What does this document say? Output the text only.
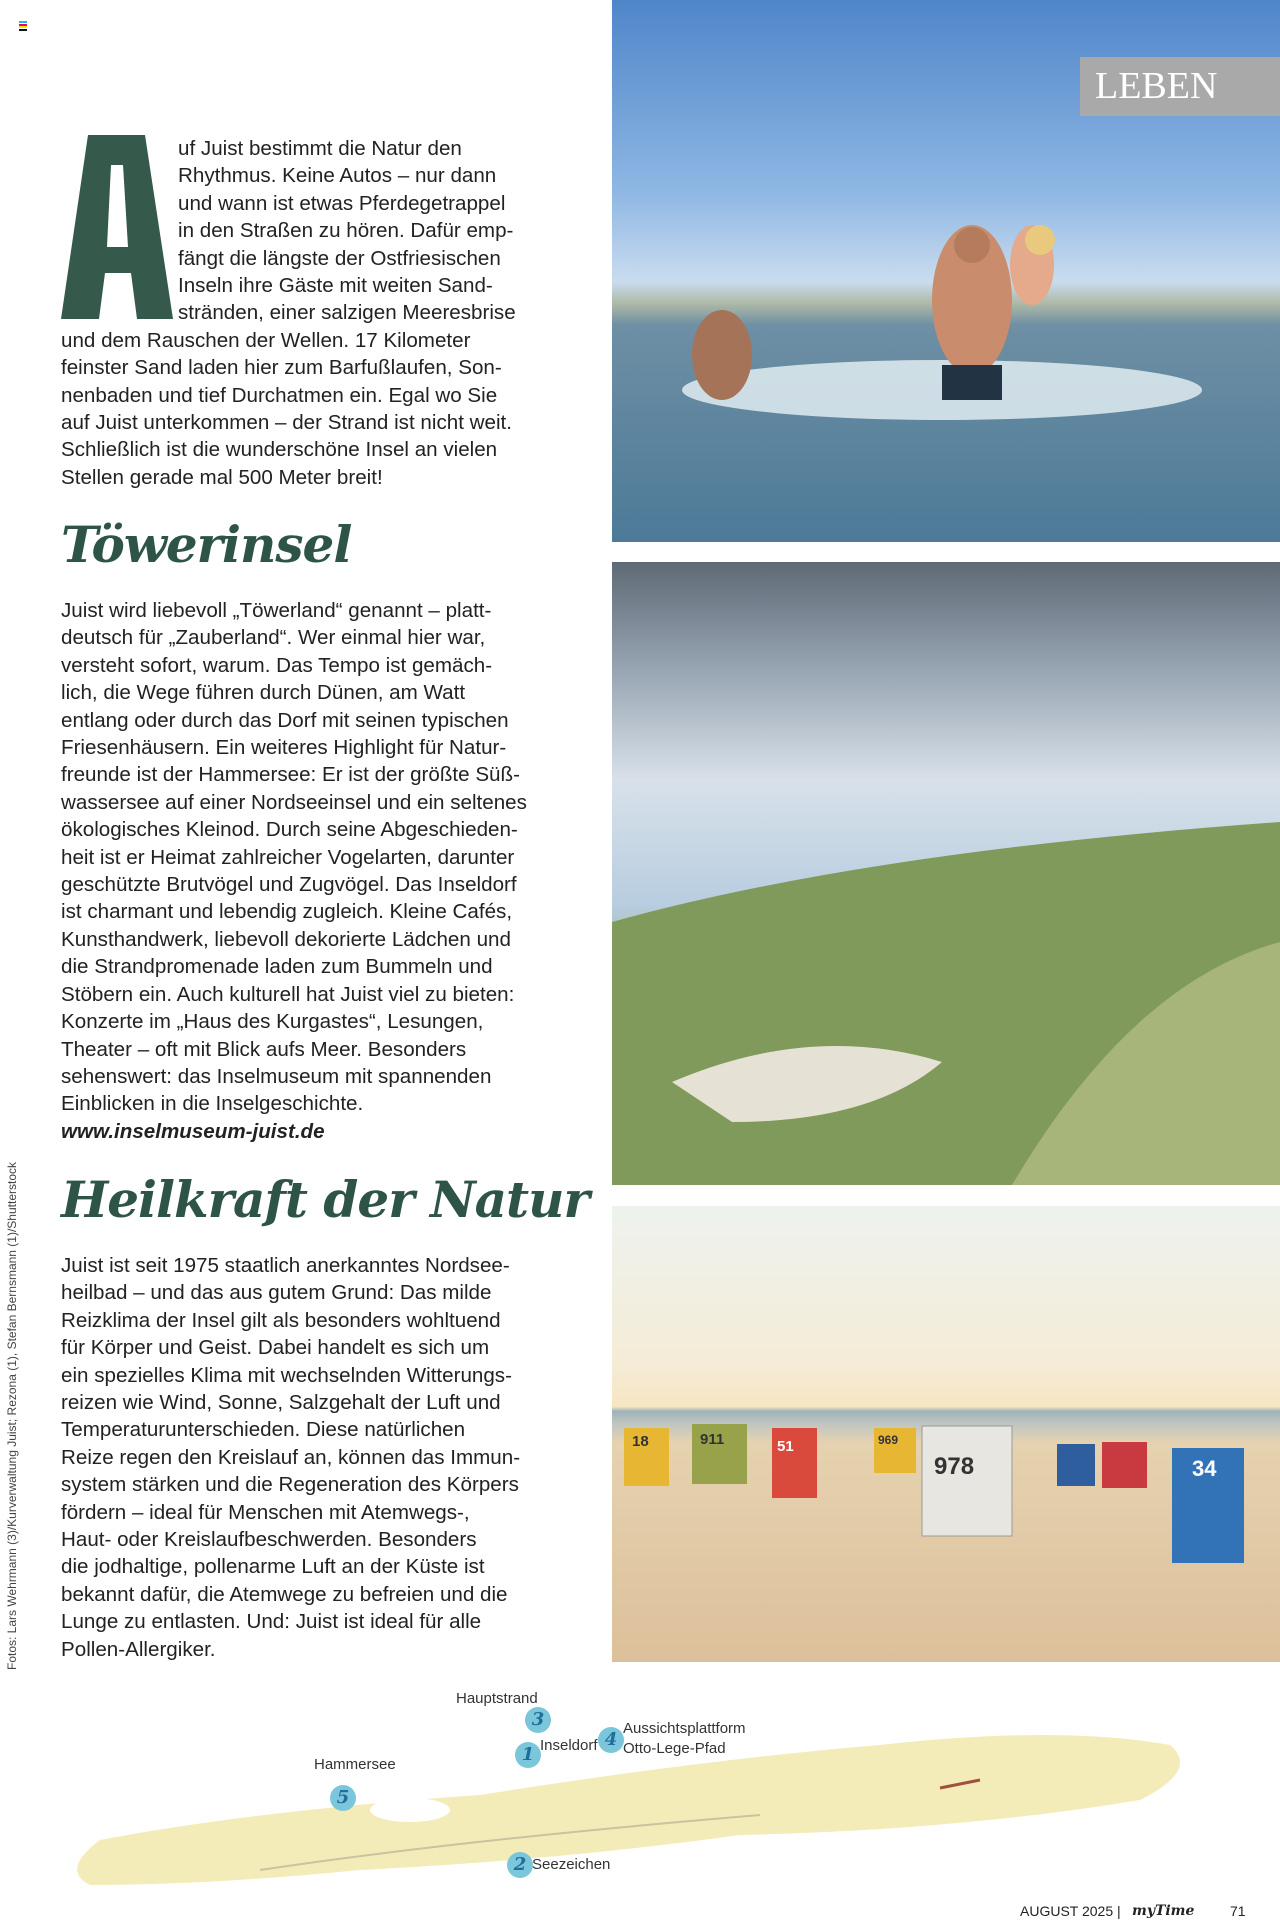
Fotos: Lars Wehrmann (3)/Kurverwaltung Juist; Rezona (1), Stefan Bernsmann (1)/Shutterstock
uf Juist bestimmt die Natur den
Rhythmus. Keine Autos – nur dann
und wann ist etwas Pferdegetrappel
in den Straßen zu hören. Dafür emp-
fängt die längste der Ostfriesischen
Inseln ihre Gäste mit weiten Sand-
stränden, einer salzigen Meeresbrise
und dem Rauschen der Wellen. 17 Kilometer
feinster Sand laden hier zum Barfußlaufen, Son-
nenbaden und tief Durchatmen ein. Egal wo Sie
auf Juist unterkommen – der Strand ist nicht weit.
Schließlich ist die wunderschöne Insel an vielen
Stellen gerade mal 500 Meter breit!
Töwerinsel
Juist wird liebevoll „Töwerland“ genannt – platt-
deutsch für „Zauberland“. Wer einmal hier war,
versteht sofort, warum. Das Tempo ist gemäch-
lich, die Wege führen durch Dünen, am Watt
entlang oder durch das Dorf mit seinen typischen
Friesenhäusern. Ein weiteres Highlight für Natur-
freunde ist der Hammersee: Er ist der größte Süß-
wassersee auf einer Nordseeinsel und ein seltenes
ökologisches Kleinod. Durch seine Abgeschieden-
heit ist er Heimat zahlreicher Vogelarten, darunter
geschützte Brutvögel und Zugvögel. Das Inseldorf
ist charmant und lebendig zugleich. Kleine Cafés,
Kunsthandwerk, liebevoll dekorierte Lädchen und
die Strandpromenade laden zum Bummeln und
Stöbern ein. Auch kulturell hat Juist viel zu bieten:
Konzerte im „Haus des Kurgastes“, Lesungen,
Theater – oft mit Blick aufs Meer. Besonders
sehenswert: das Inselmuseum mit spannenden
Einblicken in die Inselgeschichte.
www.inselmuseum-juist.de
Heilkraft der Natur
Juist ist seit 1975 staatlich anerkanntes Nordsee-
heilbad – und das aus gutem Grund: Das milde
Reizklima der Insel gilt als besonders wohltuend
für Körper und Geist. Dabei handelt es sich um
ein spezielles Klima mit wechselnden Witterungs-
reizen wie Wind, Sonne, Salzgehalt der Luft und
Temperaturunterschieden. Diese natürlichen
Reize regen den Kreislauf an, können das Immun-
system stärken und die Regeneration des Körpers
fördern – ideal für Menschen mit Atemwegs-,
Haut- oder Kreislaufbeschwerden. Besonders
die jodhaltige, pollenarme Luft an der Küste ist
bekannt dafür, die Atemwege zu befreien und die
Lunge zu entlasten. Und: Juist ist ideal für alle
Pollen-Allergiker.
LEBEN
18	911	51	969
978	34
1 Inseldorf
2 Seezeichen
3
Hauptstrand
4
Aussichtsplattform
5
Hammersee
Otto-Lege-Pfad
AUGUST 2025 | myTime	71
